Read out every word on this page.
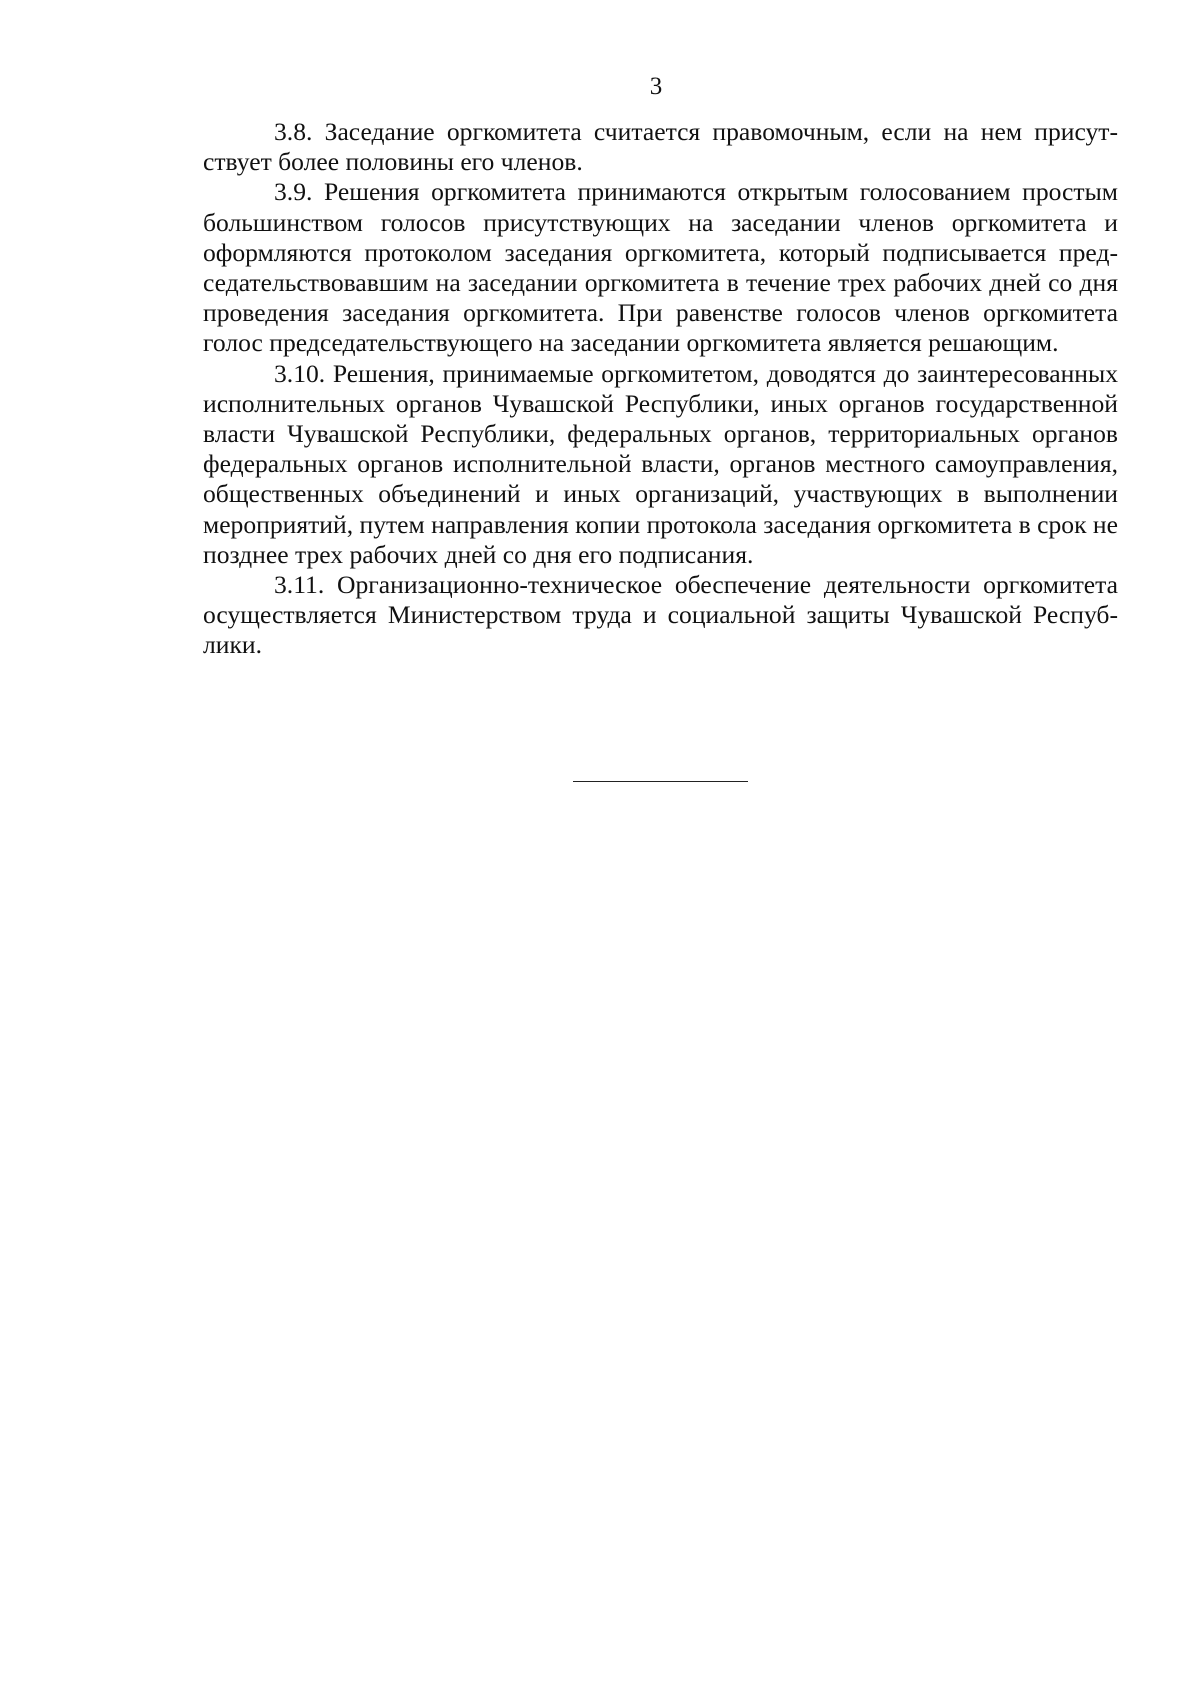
3

3.8. Заседание оргкомитета считается правомочным, если на нем присутствует более половины его членов.

3.9. Решения оргкомитета принимаются открытым голосованием простым большинством голосов присутствующих на заседании членов оргкомитета и оформляются протоколом заседания оргкомитета, который подписывается председательствовавшим на заседании оргкомитета в течение трех рабочих дней со дня проведения заседания оргкомитета. При равенстве голосов членов оргкомитета голос председательствующего на заседании оргкомитета является решающим.

3.10. Решения, принимаемые оргкомитетом, доводятся до заинтересованных исполнительных органов Чувашской Республики, иных органов государственной власти Чувашской Республики, федеральных органов, территориальных органов федеральных органов исполнительной власти, органов местного самоуправления, общественных объединений и иных организаций, участвующих в выполнении мероприятий, путем направления копии протокола заседания оргкомитета в срок не позднее трех рабочих дней со дня его подписания.

3.11. Организационно-техническое обеспечение деятельности оргкомитета осуществляется Министерством труда и социальной защиты Чувашской Республики.
